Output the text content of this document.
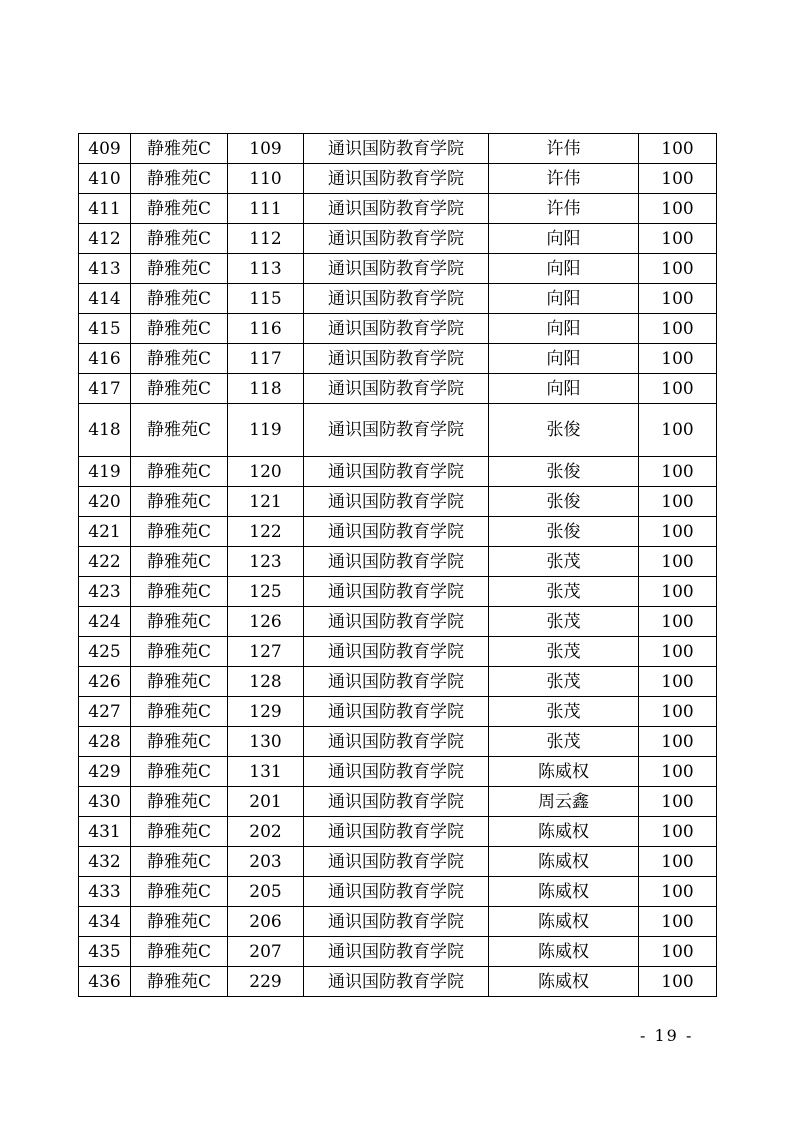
409	静雅苑C	109	通识国防教育学院	许伟	100
410	静雅苑C	110	通识国防教育学院	许伟	100
411	静雅苑C	111	通识国防教育学院	许伟	100
412	静雅苑C	112	通识国防教育学院	向阳	100
413	静雅苑C	113	通识国防教育学院	向阳	100
414	静雅苑C	115	通识国防教育学院	向阳	100
415	静雅苑C	116	通识国防教育学院	向阳	100
416	静雅苑C	117	通识国防教育学院	向阳	100
417	静雅苑C	118	通识国防教育学院	向阳	100
418	静雅苑C	119	通识国防教育学院	张俊	100
419	静雅苑C	120	通识国防教育学院	张俊	100
420	静雅苑C	121	通识国防教育学院	张俊	100
421	静雅苑C	122	通识国防教育学院	张俊	100
422	静雅苑C	123	通识国防教育学院	张茂	100
423	静雅苑C	125	通识国防教育学院	张茂	100
424	静雅苑C	126	通识国防教育学院	张茂	100
425	静雅苑C	127	通识国防教育学院	张茂	100
426	静雅苑C	128	通识国防教育学院	张茂	100
427	静雅苑C	129	通识国防教育学院	张茂	100
428	静雅苑C	130	通识国防教育学院	张茂	100
429	静雅苑C	131	通识国防教育学院	陈威权	100
430	静雅苑C	201	通识国防教育学院	周云鑫	100
431	静雅苑C	202	通识国防教育学院	陈威权	100
432	静雅苑C	203	通识国防教育学院	陈威权	100
433	静雅苑C	205	通识国防教育学院	陈威权	100
434	静雅苑C	206	通识国防教育学院	陈威权	100
435	静雅苑C	207	通识国防教育学院	陈威权	100
436	静雅苑C	229	通识国防教育学院	陈威权	100
- 19 -
